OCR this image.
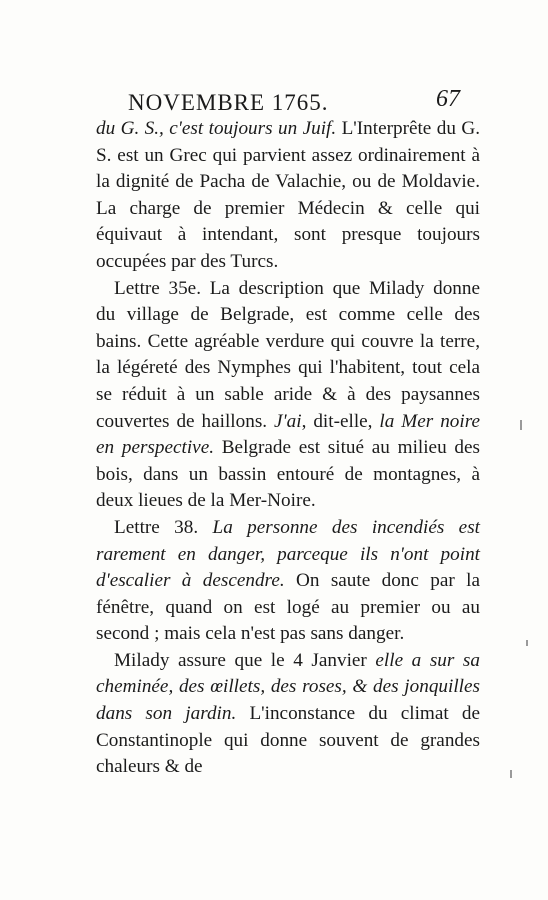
NOVEMBRE 1765.	67

du G. S., c'est toujours un Juif. L'Interprête du G. S. est un Grec qui parvient assez ordinairement à la dignité de Pacha de Valachie, ou de Moldavie. La charge de premier Médecin & celle qui équivaut à intendant, sont presque toujours occupées par des Turcs.

Lettre 35e. La description que Milady donne du village de Belgrade, est comme celle des bains. Cette agréable verdure qui couvre la terre, la légéreté des Nymphes qui l'habitent, tout cela se réduit à un sable aride & à des paysannes couvertes de haillons. J'ai, dit-elle, la Mer noire en perspective. Belgrade est situé au milieu des bois, dans un bassin entouré de montagnes, à deux lieues de la Mer-Noire.

Lettre 38. La personne des incendiés est rarement en danger, parceque ils n'ont point d'escalier à descendre. On saute donc par la fénêtre, quand on est logé au premier ou au second ; mais cela n'est pas sans danger.

Milady assure que le 4 Janvier elle a sur sa cheminée, des œillets, des roses, & des jonquilles dans son jardin. L'inconstance du climat de Constantinople qui donne souvent de grandes chaleurs & de
